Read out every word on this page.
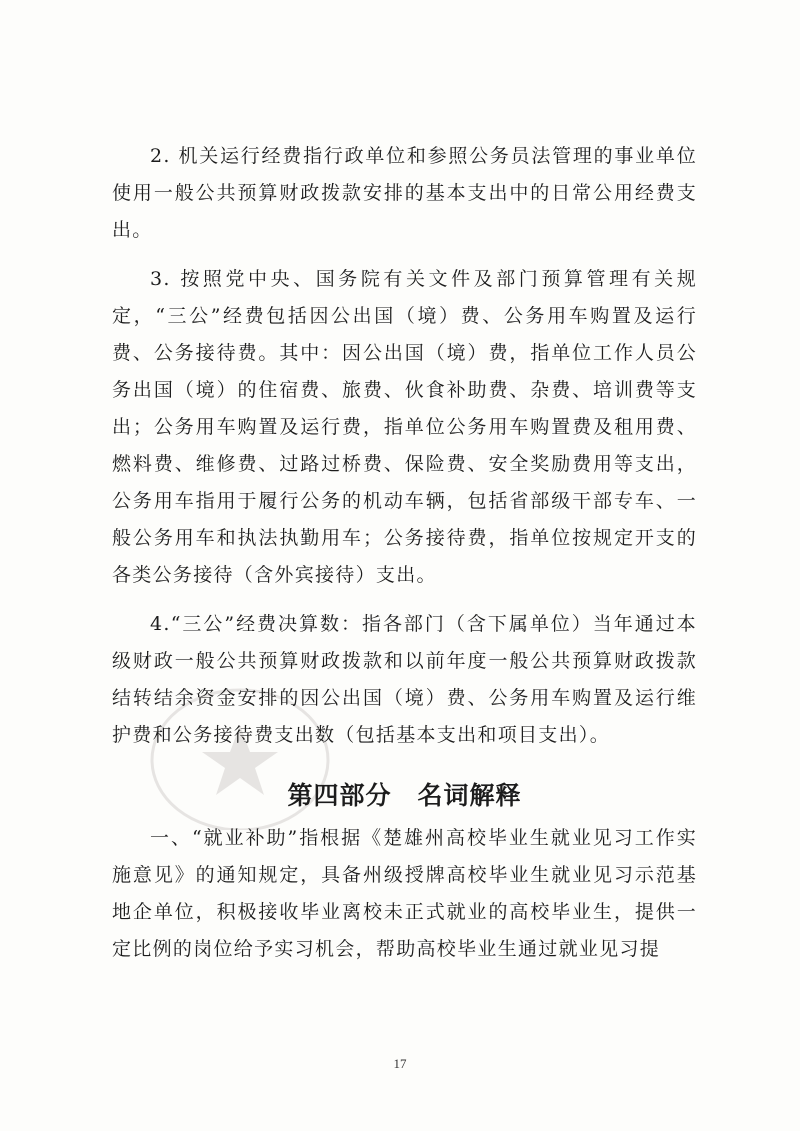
2. 机关运行经费指行政单位和参照公务员法管理的事业单位使用一般公共预算财政拨款安排的基本支出中的日常公用经费支出。

3. 按照党中央、国务院有关文件及部门预算管理有关规定，“三公”经费包括因公出国（境）费、公务用车购置及运行费、公务接待费。其中：因公出国（境）费，指单位工作人员公务出国（境）的住宿费、旅费、伙食补助费、杂费、培训费等支出；公务用车购置及运行费，指单位公务用车购置费及租用费、燃料费、维修费、过路过桥费、保险费、安全奖励费用等支出，公务用车指用于履行公务的机动车辆，包括省部级干部专车、一般公务用车和执法执勤用车；公务接待费，指单位按规定开支的各类公务接待（含外宾接待）支出。

4.“三公”经费决算数：指各部门（含下属单位）当年通过本级财政一般公共预算财政拨款和以前年度一般公共预算财政拨款结转结余资金安排的因公出国（境）费、公务用车购置及运行维护费和公务接待费支出数（包括基本支出和项目支出）。

第四部分　名词解释

一、“就业补助”指根据《楚雄州高校毕业生就业见习工作实施意见》的通知规定，具备州级授牌高校毕业生就业见习示范基地企单位，积极接收毕业离校未正式就业的高校毕业生，提供一定比例的岗位给予实习机会，帮助高校毕业生通过就业见习提

17
